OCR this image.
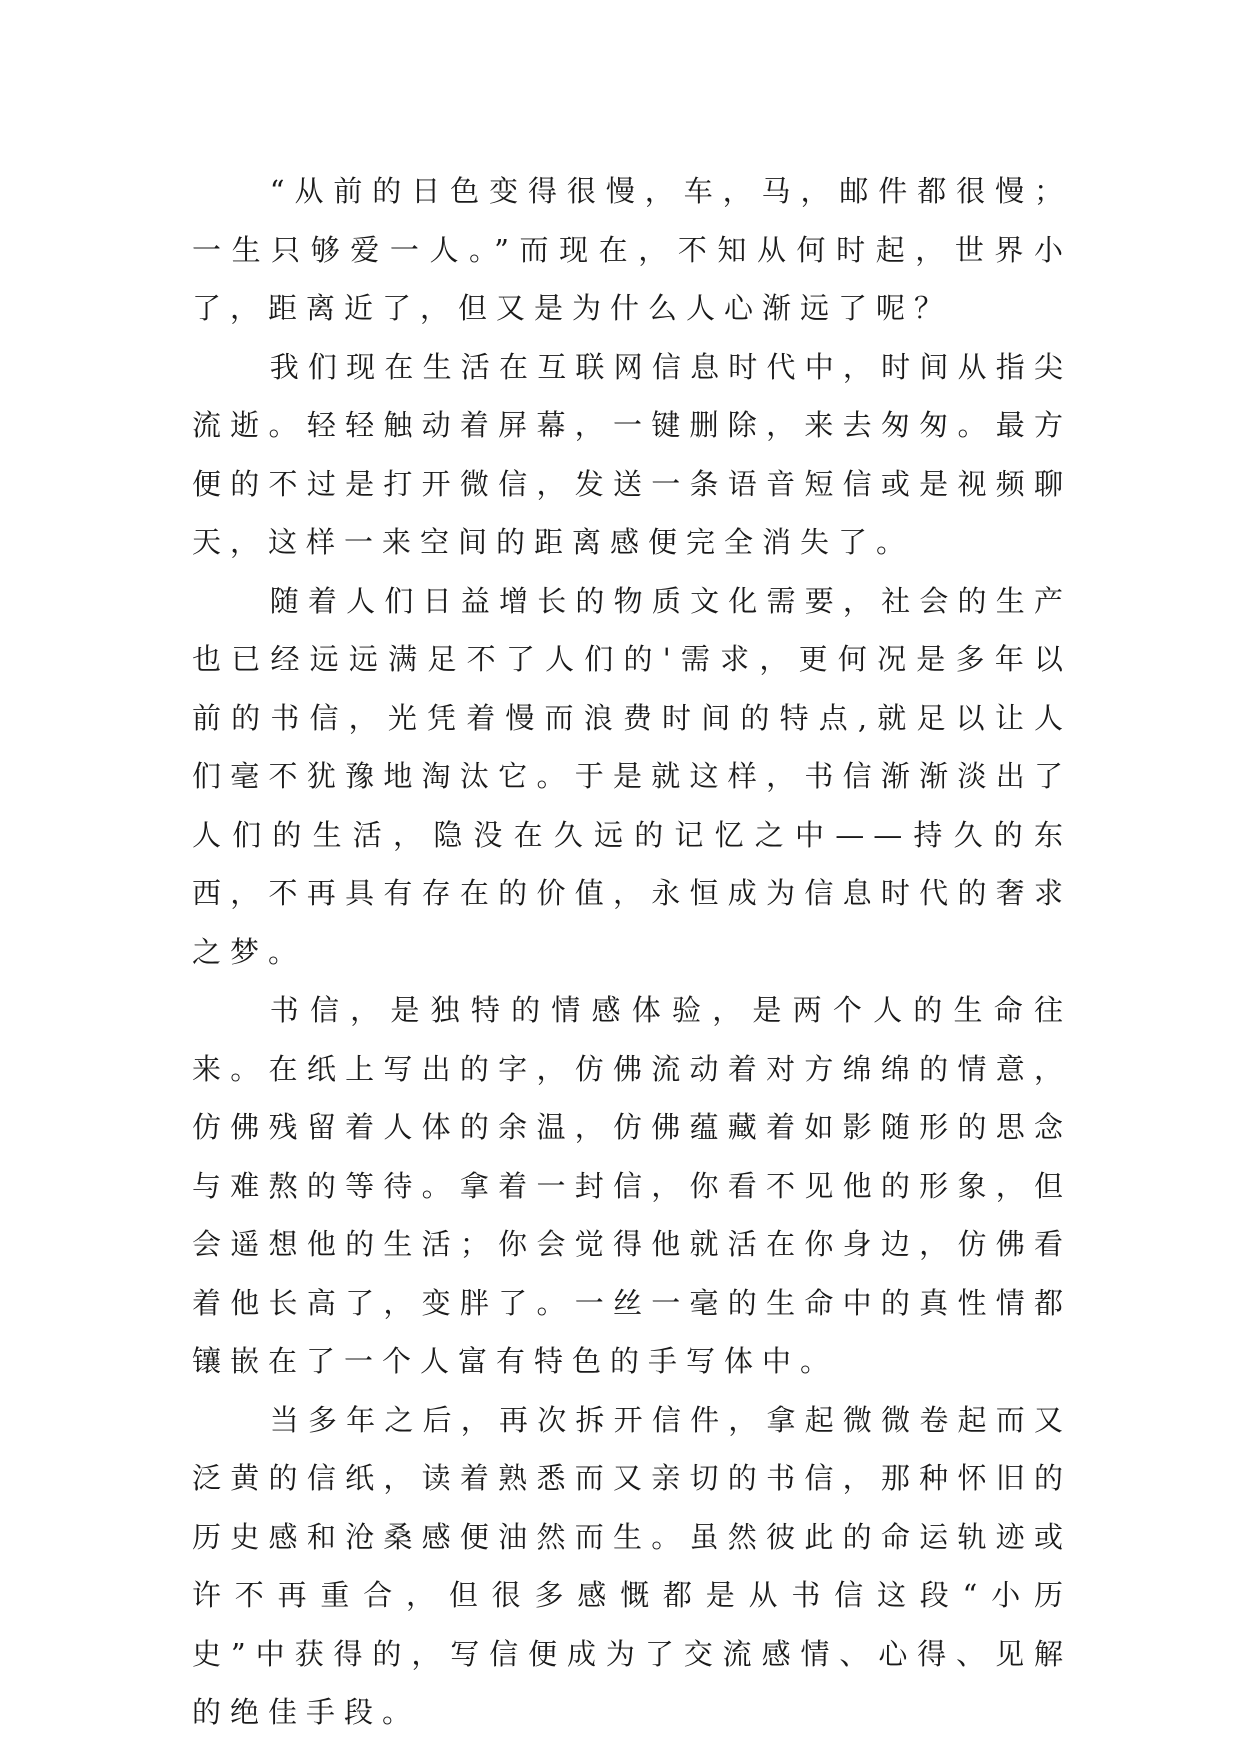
“从前的日色变得很慢，车，马，邮件都很慢；一生只够爱一人。”而现在，不知从何时起，世界小了，距离近了，但又是为什么人心渐远了呢？

我们现在生活在互联网信息时代中，时间从指尖流逝。轻轻触动着屏幕，一键删除，来去匆匆。最方便的不过是打开微信，发送一条语音短信或是视频聊天，这样一来空间的距离感便完全消失了。

随着人们日益增长的物质文化需要，社会的生产也已经远远满足不了人们的'需求，更何况是多年以前的书信，光凭着慢而浪费时间的特点,就足以让人们毫不犹豫地淘汰它。于是就这样，书信渐渐淡出了人们的生活，隐没在久远的记忆之中——持久的东西，不再具有存在的价值，永恒成为信息时代的奢求之梦。

书信，是独特的情感体验，是两个人的生命往来。在纸上写出的字，仿佛流动着对方绵绵的情意，仿佛残留着人体的余温，仿佛蕴藏着如影随形的思念与难熬的等待。拿着一封信，你看不见他的形象，但会遥想他的生活；你会觉得他就活在你身边，仿佛看着他长高了，变胖了。一丝一毫的生命中的真性情都镶嵌在了一个人富有特色的手写体中。

当多年之后，再次拆开信件，拿起微微卷起而又泛黄的信纸，读着熟悉而又亲切的书信，那种怀旧的历史感和沧桑感便油然而生。虽然彼此的命运轨迹或许不再重合，但很多感慨都是从书信这段“小历史”中获得的，写信便成为了交流感情、心得、见解的绝佳手段。
